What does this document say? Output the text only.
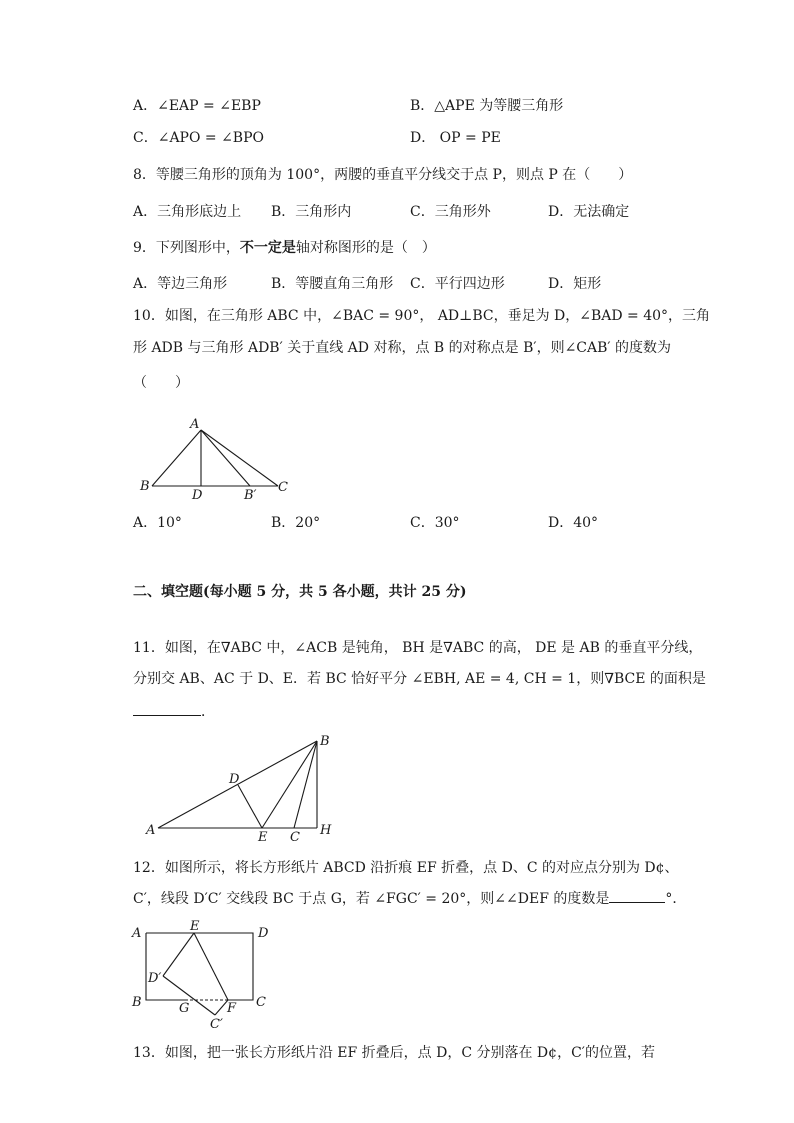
A．∠EAP = ∠EBP	B．△APE 为等腰三角形
C．∠APO = ∠BPO	D． OP = PE
8．等腰三角形的顶角为 100°，两腰的垂直平分线交于点 P，则点 P 在（　　）
A．三角形底边上 B．三角形内	C．三角形外	D．无法确定
9．下列图形中，不一定是轴对称图形的是（　）
A．等边三角形	B．等腰直角三角形 C．平行四边形	D．矩形
10．如图，在三角形 ABC 中，∠BAC = 90°， AD⊥BC，垂足为 D，∠BAD = 40°，三角
形 ADB 与三角形 ADB′ 关于直线 AD 对称，点 B 的对称点是 B′，则∠CAB′ 的度数为
（　　）
A
B
D	B′
C
A．10°	B．20°	C．30°	D．40°
二、填空题(每小题 5 分，共 5 各小题，共计 25 分)
11．如图，在∇ABC 中，∠ACB 是钝角， BH 是∇ABC 的高， DE 是 AB 的垂直平分线，
分别交 AB、AC 于 D、E．若 BC 恰好平分 ∠EBH, AE = 4, CH = 1，则∇BCE 的面积是
．
A
B
D
E C H
12．如图所示，将长方形纸片 ABCD 沿折痕 EF 折叠，点 D、C 的对应点分别为 D¢、
C′，线段 D′C′ 交线段 BC 于点 G，若 ∠FGC′ = 20°，则∠∠DEF 的度数是	°．
A	E	D
D′
B	G	F C
C′
13．如图，把一张长方形纸片沿 EF 折叠后，点 D，C 分别落在 D¢，C′的位置，若
